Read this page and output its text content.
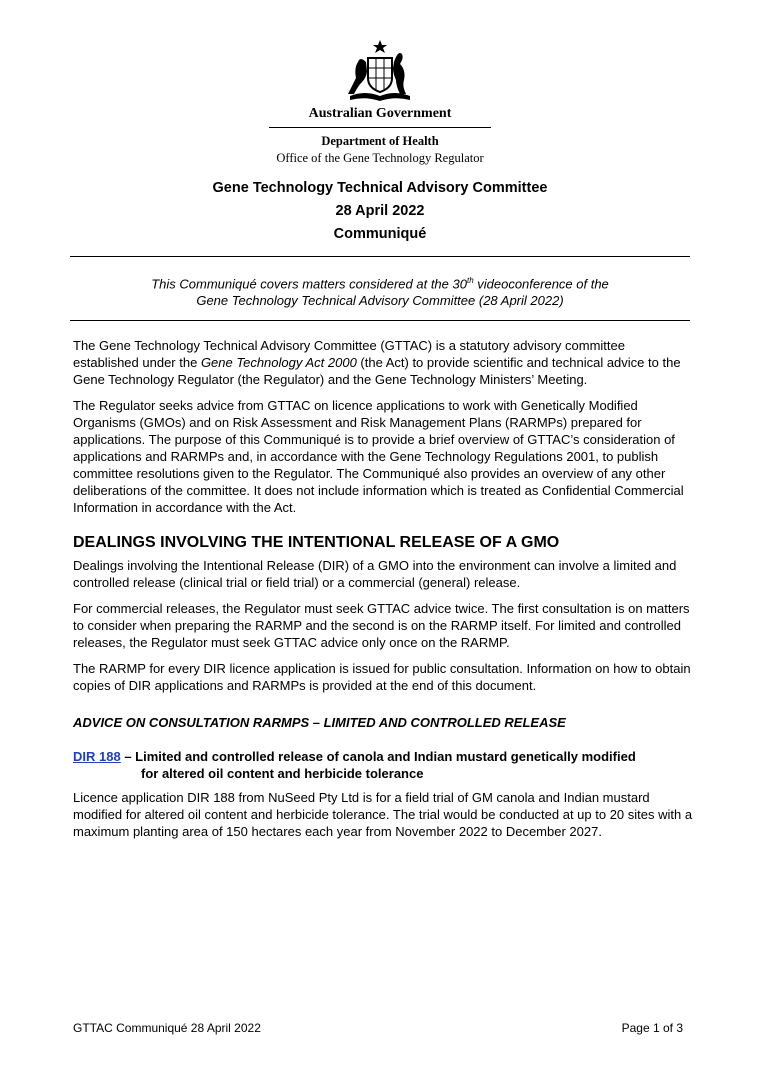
Australian Government
Department of Health
Office of the Gene Technology Regulator
Gene Technology Technical Advisory Committee
28 April 2022
Communiqué
This Communiqué covers matters considered at the 30th videoconference of the
Gene Technology Technical Advisory Committee (28 April 2022)

The Gene Technology Technical Advisory Committee (GTTAC) is a statutory advisory committee established under the Gene Technology Act 2000 (the Act) to provide scientific and technical advice to the Gene Technology Regulator (the Regulator) and the Gene Technology Ministers’ Meeting.

The Regulator seeks advice from GTTAC on licence applications to work with Genetically Modified Organisms (GMOs) and on Risk Assessment and Risk Management Plans (RARMPs) prepared for applications. The purpose of this Communiqué is to provide a brief overview of GTTAC’s consideration of applications and RARMPs and, in accordance with the Gene Technology Regulations 2001, to publish committee resolutions given to the Regulator. The Communiqué also provides an overview of any other deliberations of the committee. It does not include information which is treated as Confidential Commercial Information in accordance with the Act.

DEALINGS INVOLVING THE INTENTIONAL RELEASE OF A GMO

Dealings involving the Intentional Release (DIR) of a GMO into the environment can involve a limited and controlled release (clinical trial or field trial) or a commercial (general) release.

For commercial releases, the Regulator must seek GTTAC advice twice. The first consultation is on matters to consider when preparing the RARMP and the second is on the RARMP itself. For limited and controlled releases, the Regulator must seek GTTAC advice only once on the RARMP.

The RARMP for every DIR licence application is issued for public consultation. Information on how to obtain copies of DIR applications and RARMPs is provided at the end of this document.

ADVICE ON CONSULTATION RARMPS – LIMITED AND CONTROLLED RELEASE
DIR 188 – Limited and controlled release of canola and Indian mustard genetically modified
for altered oil content and herbicide tolerance

Licence application DIR 188 from NuSeed Pty Ltd is for a field trial of GM canola and Indian mustard modified for altered oil content and herbicide tolerance. The trial would be conducted at up to 20 sites with a maximum planting area of 150 hectares each year from November 2022 to December 2027.

GTTAC Communiqué 28 April 2022	Page 1 of 3
